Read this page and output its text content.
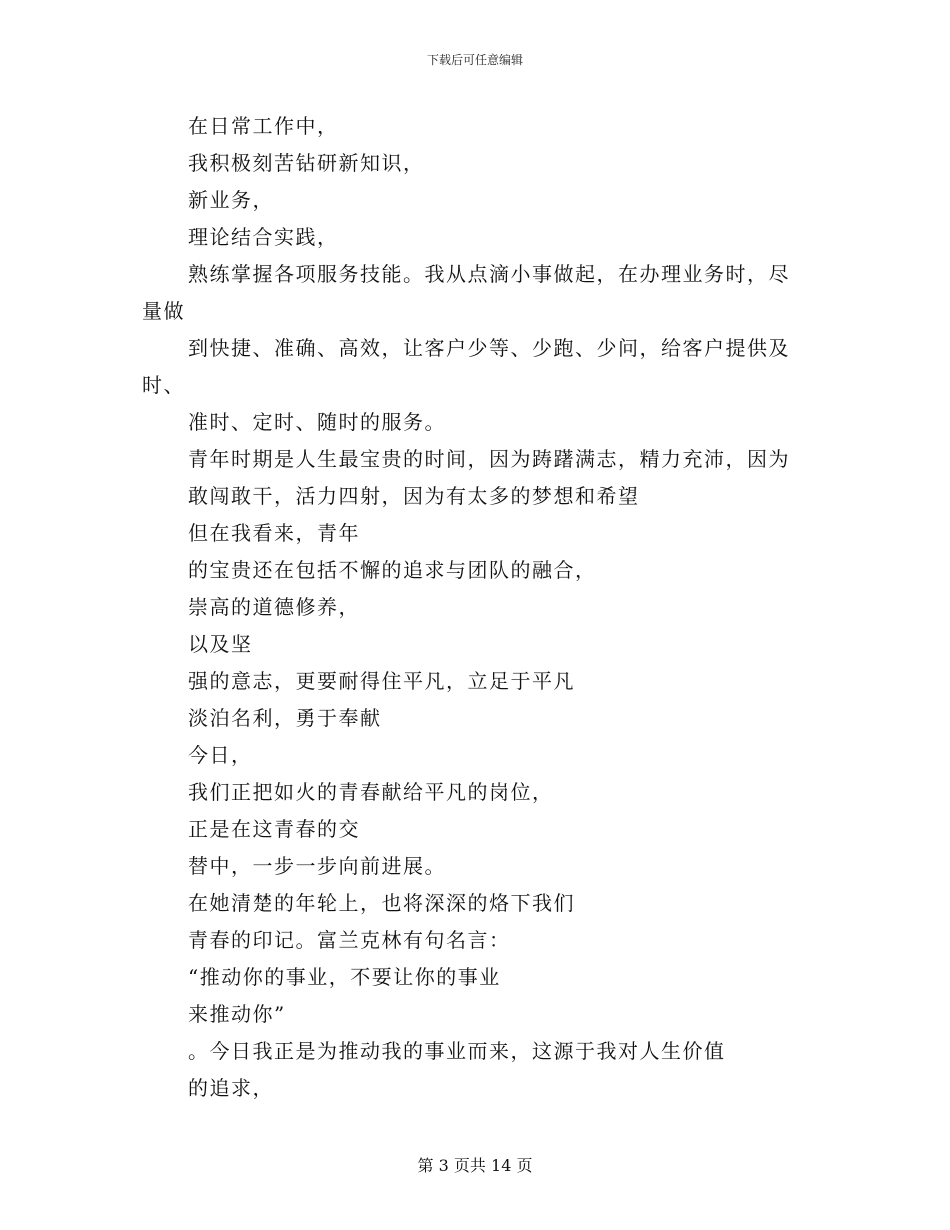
下载后可任意编辑
在日常工作中，
我积极刻苦钻研新知识，
新业务，
理论结合实践，
熟练掌握各项服务技能。我从点滴小事做起，在办理业务时，尽
量做
到快捷、准确、高效，让客户少等、少跑、少问，给客户提供及
时、
准时、定时、随时的服务。
青年时期是人生最宝贵的时间，因为踌躇满志，精力充沛，因为
敢闯敢干，活力四射，因为有太多的梦想和希望
但在我看来，青年
的宝贵还在包括不懈的追求与团队的融合，
崇高的道德修养，
以及坚
强的意志，更要耐得住平凡，立足于平凡
淡泊名利，勇于奉献
今日，
我们正把如火的青春献给平凡的岗位，
正是在这青春的交
替中，一步一步向前进展。
在她清楚的年轮上，也将深深的烙下我们
青春的印记。富兰克林有句名言：
“推动你的事业，不要让你的事业
来推动你”
。今日我正是为推动我的事业而来，这源于我对人生价值
的追求，
第 3 页共 14 页
